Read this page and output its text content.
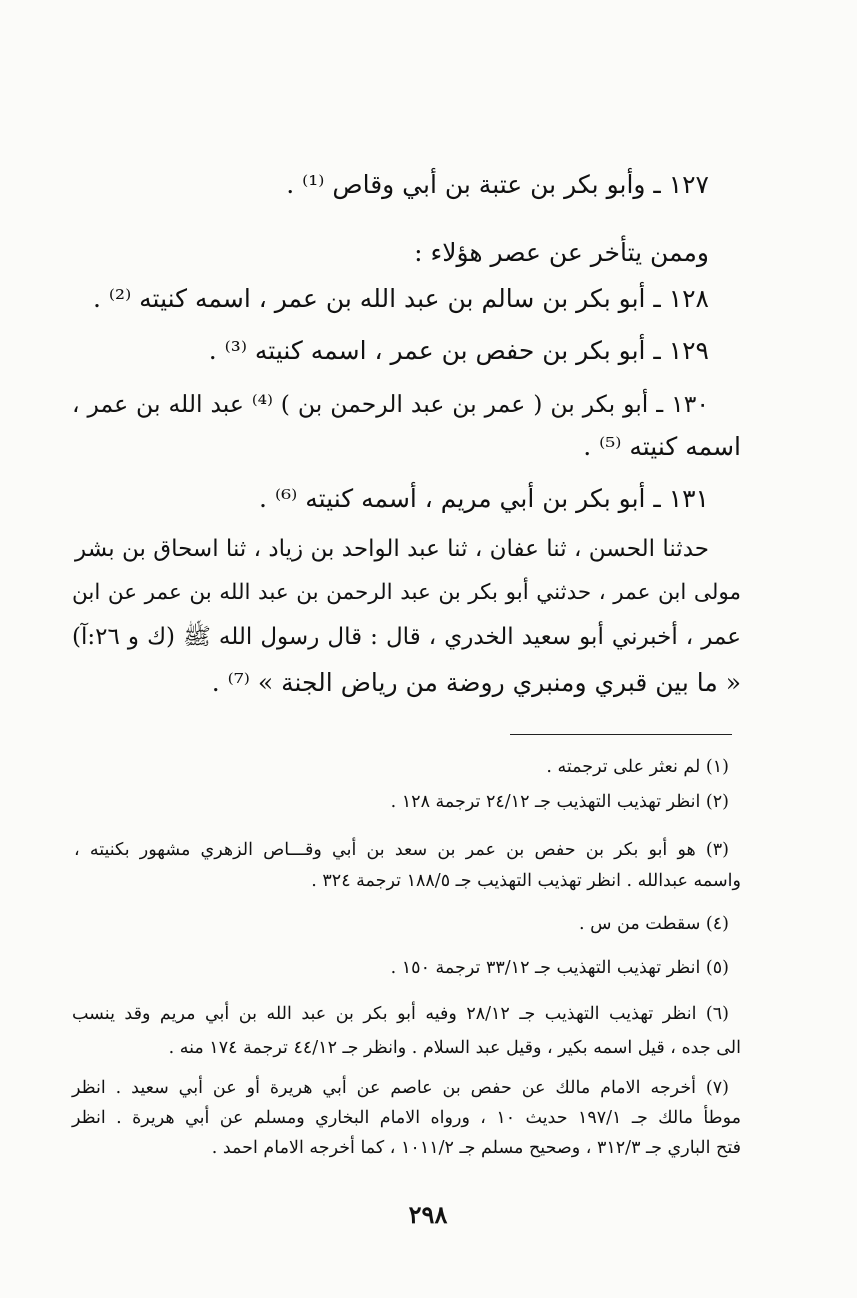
١٢٧ ـ وأبو بكر بن عتبة بن أبي وقاص ⁽¹⁾ .
وممن يتأخر عن عصر هؤلاء :
١٢٨ ـ أبو بكر بن سالم بن عبد الله بن عمر ، اسمه كنيته ⁽²⁾ .
١٢٩ ـ أبو بكر بن حفص بن عمر ، اسمه كنيته ⁽³⁾ .
١٣٠ ـ أبو بكر بن ( عمر بن عبد الرحمن بن ) ⁽⁴⁾ عبد الله بن عمر ،
اسمه كنيته ⁽⁵⁾ .
١٣١ ـ أبو بكر بن أبي مريم ، أسمه كنيته ⁽⁶⁾ .
حدثنا الحسن ، ثنا عفان ، ثنا عبد الواحد بن زياد ، ثنا اسحاق بن بشر
مولى ابن عمر ، حدثني أبو بكر بن عبد الرحمن بن عبد الله بن عمر عن ابن
عمر ، أخبرني أبو سعيد الخدري ، قال : قال رسول الله ﷺ (ك و ٢٦:آ)
« ما بين قبري ومنبري روضة من رياض الجنة » ⁽⁷⁾ .
(١) لم نعثر على ترجمته .
(٢) انظر تهذيب التهذيب جـ ٢٤/١٢ ترجمة ١٢٨ .
(٣) هو أبو بكر بن حفص بن عمر بن سعد بن أبي وقـــاص الزهري مشهور بكنيته ،
واسمه عبدالله . انظر تهذيب التهذيب جـ ١٨٨/٥ ترجمة ٣٢٤ .
(٤) سقطت من س .
(٥) انظر تهذيب التهذيب جـ ٣٣/١٢ ترجمة ١٥٠ .
(٦) انظر تهذيب التهذيب جـ ٢٨/١٢ وفيه أبو بكر بن عبد الله بن أبي مريم وقد ينسب
الى جده ، قيل اسمه بكير ، وقيل عبد السلام . وانظر جـ ٤٤/١٢ ترجمة ١٧٤ منه .
(٧) أخرجه الامام مالك عن حفص بن عاصم عن أبي هريرة أو عن أبي سعيد . انظر
موطأ مالك جـ ١٩٧/١ حديث ١٠ ، ورواه الامام البخاري ومسلم عن أبي هريرة . انظر
فتح الباري جـ ٣١٢/٣ ، وصحيح مسلم جـ ١٠١١/٢ ، كما أخرجه الامام احمد .
٢٩٨
